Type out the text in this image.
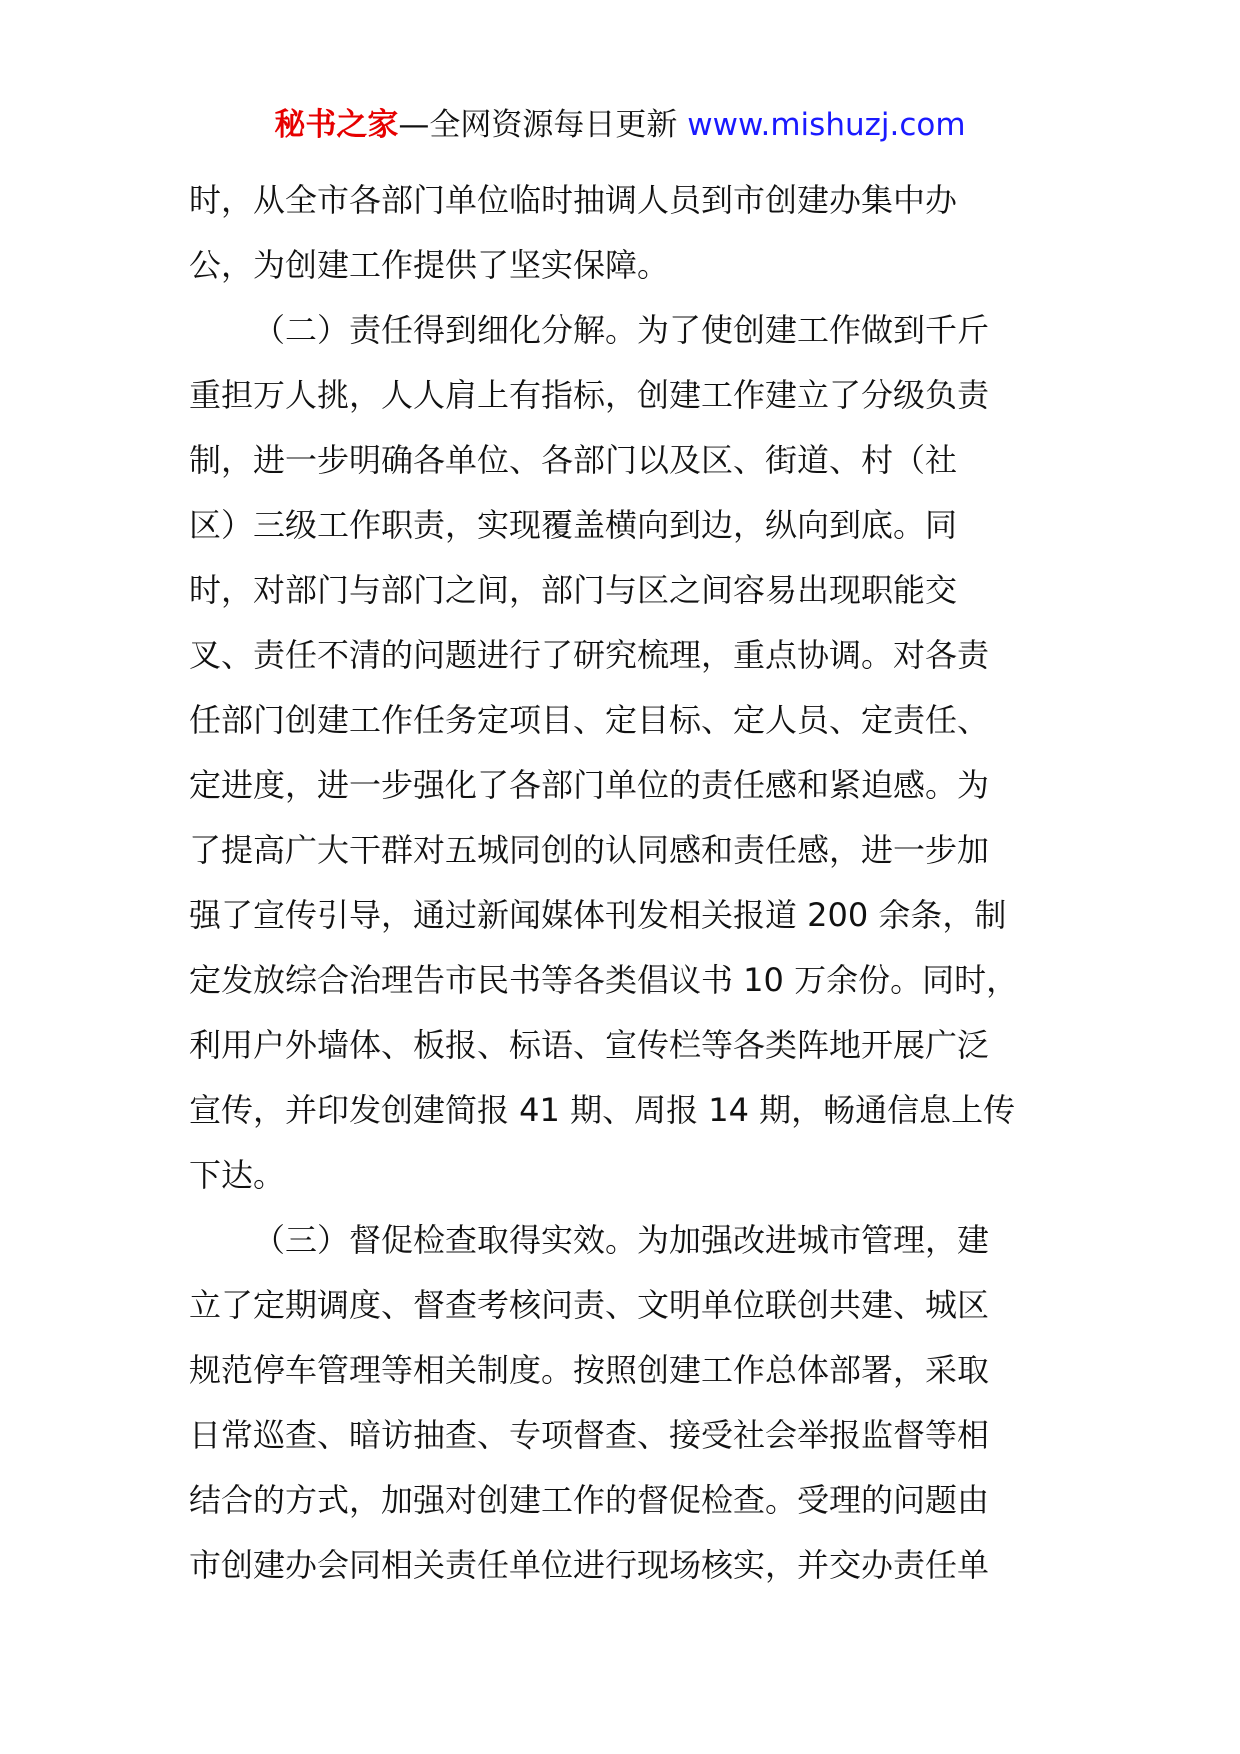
秘书之家—全网资源每日更新 www.mishuzj.com
时，从全市各部门单位临时抽调人员到市创建办集中办
公，为创建工作提供了坚实保障。
（二）责任得到细化分解。为了使创建工作做到千斤
重担万人挑，人人肩上有指标，创建工作建立了分级负责
制，进一步明确各单位、各部门以及区、街道、村（社
区）三级工作职责，实现覆盖横向到边，纵向到底。同
时，对部门与部门之间，部门与区之间容易出现职能交
叉、责任不清的问题进行了研究梳理，重点协调。对各责
任部门创建工作任务定项目、定目标、定人员、定责任、
定进度，进一步强化了各部门单位的责任感和紧迫感。为
了提高广大干群对五城同创的认同感和责任感，进一步加
强了宣传引导，通过新闻媒体刊发相关报道 200 余条，制
定发放综合治理告市民书等各类倡议书 10 万余份。同时，
利用户外墙体、板报、标语、宣传栏等各类阵地开展广泛
宣传，并印发创建简报 41 期、周报 14 期，畅通信息上传
下达。
（三）督促检查取得实效。为加强改进城市管理，建
立了定期调度、督查考核问责、文明单位联创共建、城区
规范停车管理等相关制度。按照创建工作总体部署，采取
日常巡查、暗访抽查、专项督查、接受社会举报监督等相
结合的方式，加强对创建工作的督促检查。受理的问题由
市创建办会同相关责任单位进行现场核实，并交办责任单
